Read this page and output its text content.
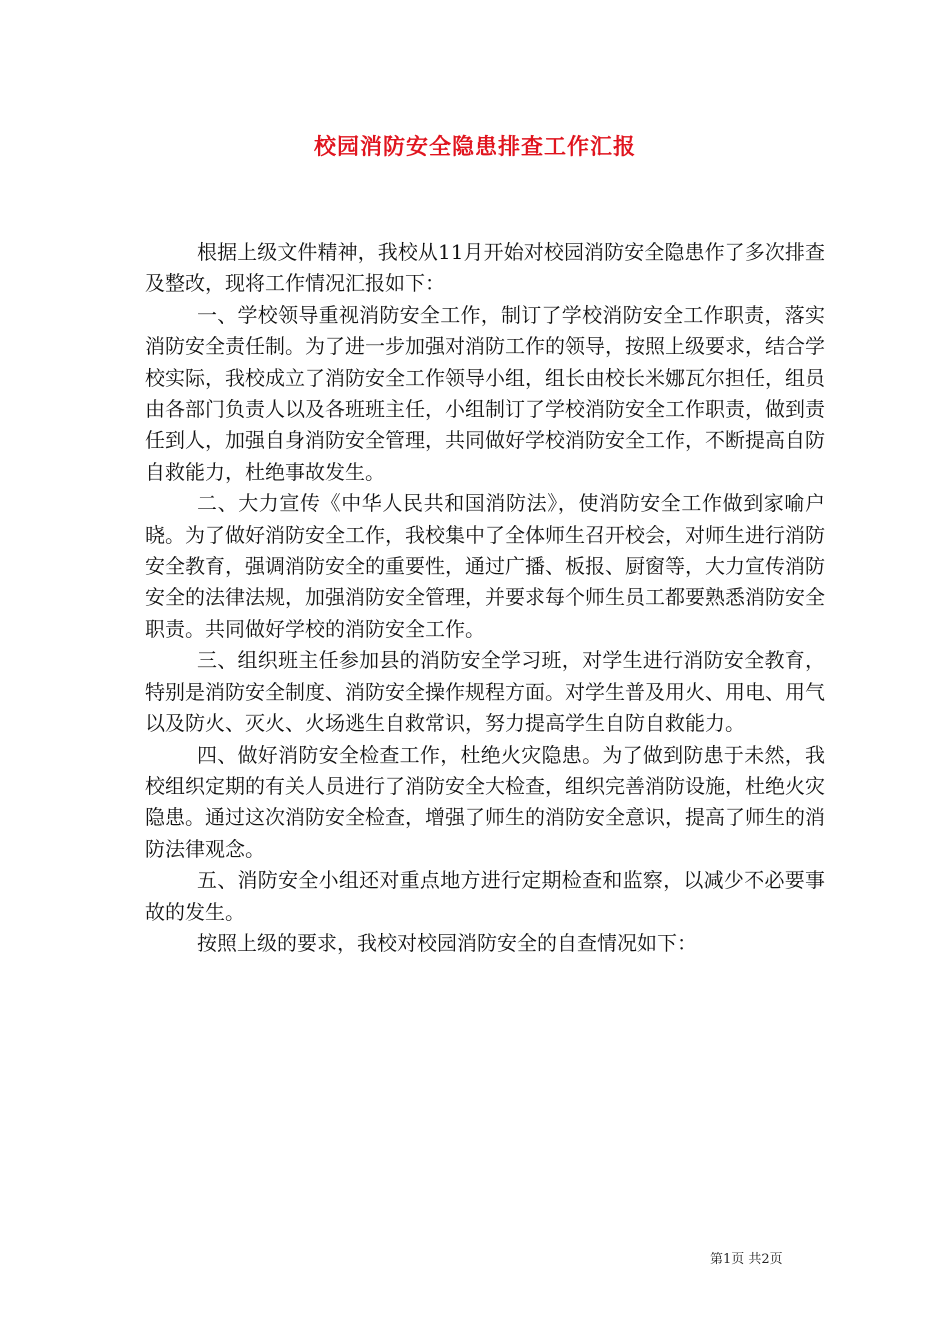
校园消防安全隐患排查工作汇报

根据上级文件精神，我校从11月开始对校园消防安全隐患作了多次排查及整改，现将工作情况汇报如下：

一、学校领导重视消防安全工作，制订了学校消防安全工作职责，落实消防安全责任制。为了进一步加强对消防工作的领导，按照上级要求，结合学校实际，我校成立了消防安全工作领导小组，组长由校长米娜瓦尔担任，组员由各部门负责人以及各班班主任，小组制订了学校消防安全工作职责，做到责任到人，加强自身消防安全管理，共同做好学校消防安全工作，不断提高自防自救能力，杜绝事故发生。

二、大力宣传《中华人民共和国消防法》，使消防安全工作做到家喻户晓。为了做好消防安全工作，我校集中了全体师生召开校会，对师生进行消防安全教育，强调消防安全的重要性，通过广播、板报、厨窗等，大力宣传消防安全的法律法规，加强消防安全管理，并要求每个师生员工都要熟悉消防安全职责。共同做好学校的消防安全工作。

三、组织班主任参加县的消防安全学习班，对学生进行消防安全教育，特别是消防安全制度、消防安全操作规程方面。对学生普及用火、用电、用气以及防火、灭火、火场逃生自救常识，努力提高学生自防自救能力。

四、做好消防安全检查工作，杜绝火灾隐患。为了做到防患于未然，我校组织定期的有关人员进行了消防安全大检查，组织完善消防设施，杜绝火灾隐患。通过这次消防安全检查，增强了师生的消防安全意识，提高了师生的消防法律观念。

五、消防安全小组还对重点地方进行定期检查和监察，以减少不必要事故的发生。

按照上级的要求，我校对校园消防安全的自查情况如下：

第1页 共2页
